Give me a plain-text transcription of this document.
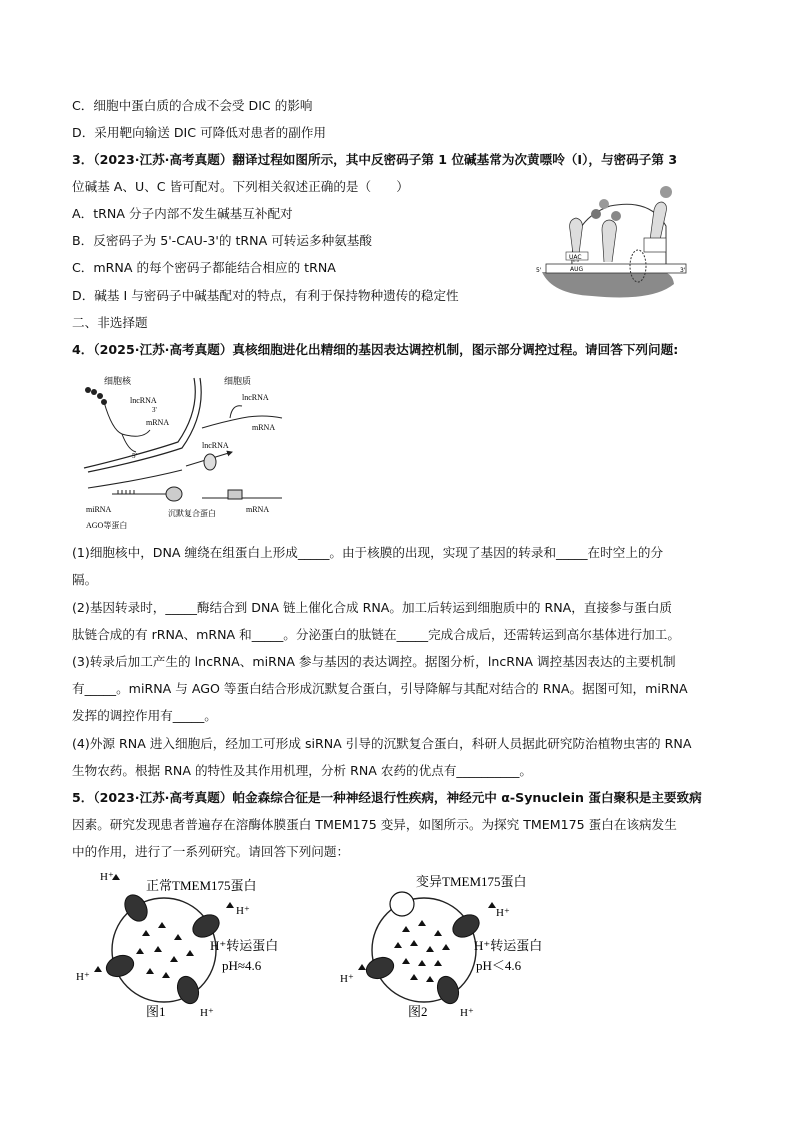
C．细胞中蛋白质的合成不会受 DIC 的影响
D．采用靶向输送 DIC 可降低对患者的副作用
3．（2023·江苏·高考真题）翻译过程如图所示，其中反密码子第 1 位碱基常为次黄嘌呤（I），与密码子第 3
位碱基 A、U、C 皆可配对。下列相关叙述正确的是（　　）
A．tRNA 分子内部不发生碱基互补配对
B．反密码子为 5'-CAU-3'的 tRNA 可转运多种氨基酸
C．mRNA 的每个密码子都能结合相应的 tRNA
D．碱基 I 与密码子中碱基配对的特点，有利于保持物种遗传的稳定性
二、非选择题
4．（2025·江苏·高考真题）真核细胞进化出精细的基因表达调控机制，图示部分调控过程。请回答下列问题:
(1)细胞核中，DNA 缠绕在组蛋白上形成_____。由于核膜的出现，实现了基因的转录和_____在时空上的分
隔。
(2)基因转录时，_____酶结合到 DNA 链上催化合成 RNA。加工后转运到细胞质中的 RNA，直接参与蛋白质
肽链合成的有 rRNA、mRNA 和_____。分泌蛋白的肽链在_____完成合成后，还需转运到高尔基体进行加工。
(3)转录后加工产生的 lncRNA、miRNA 参与基因的表达调控。据图分析，lncRNA 调控基因表达的主要机制
有_____。miRNA 与 AGO 等蛋白结合形成沉默复合蛋白，引导降解与其配对结合的 RNA。据图可知，miRNA
发挥的调控作用有_____。
(4)外源 RNA 进入细胞后，经加工可形成 siRNA 引导的沉默复合蛋白，科研人员据此研究防治植物虫害的 RNA
生物农药。根据 RNA 的特性及其作用机理，分析 RNA 农药的优点有__________。
5．（2023·江苏·高考真题）帕金森综合征是一种神经退行性疾病，神经元中 α-Synuclein 蛋白聚积是主要致病
因素。研究发现患者普遍存在溶酶体膜蛋白 TMEM175 变异，如图所示。为探究 TMEM175 蛋白在该病发生
中的作用，进行了一系列研究。请回答下列问题：
5'	3'
AUG
UAC
细胞核
lncRNA
3'
mRNA
5'
细胞质
lncRNA
mRNA
lncRNA
miRNA
AGO等蛋白
沉默复合蛋白	mRNA
正常TMEM175蛋白
H⁺
H⁺
H⁺
H⁺
H⁺转运蛋白
pH≈4.6
图1
变异TMEM175蛋白
H⁺
H⁺
H⁺
H⁺转运蛋白
pH＜4.6
图2
